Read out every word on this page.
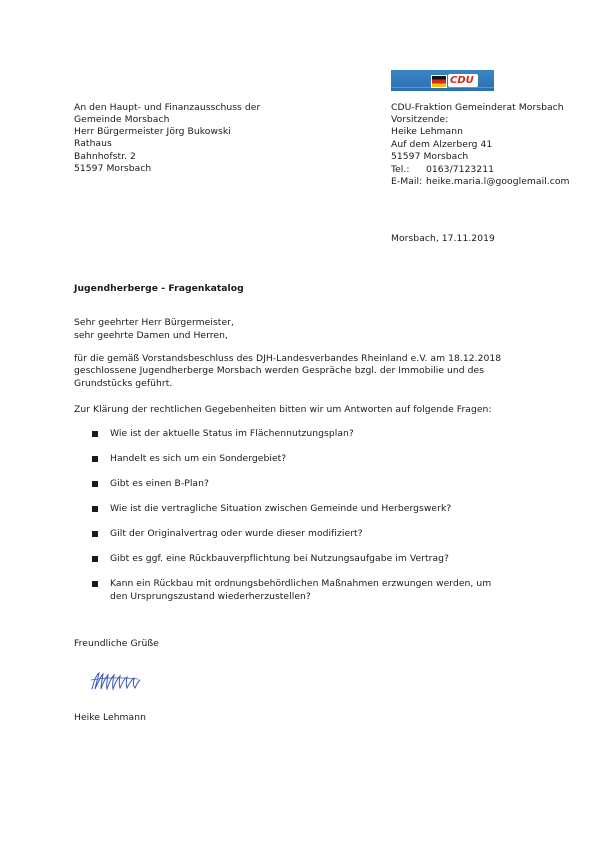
CDU
An den Haupt- und Finanzausschuss der
Gemeinde Morsbach
Herr Bürgermeister Jörg Bukowski
Rathaus
Bahnhofstr. 2
51597 Morsbach
CDU-Fraktion Gemeinderat Morsbach
Vorsitzende:
Heike Lehmann
Auf dem Alzerberg 41
51597 Morsbach
Tel.: 0163/7123211
E-Mail: heike.maria.l@googlemail.com
Morsbach, 17.11.2019
Jugendherberge - Fragenkatalog
Sehr geehrter Herr Bürgermeister,
sehr geehrte Damen und Herren,
für die gemäß Vorstandsbeschluss des DJH-Landesverbandes Rheinland e.V. am 18.12.2018
geschlossene Jugendherberge Morsbach werden Gespräche bzgl. der Immobilie und des
Grundstücks geführt.
Zur Klärung der rechtlichen Gegebenheiten bitten wir um Antworten auf folgende Fragen:
Wie ist der aktuelle Status im Flächennutzungsplan?
Handelt es sich um ein Sondergebiet?
Gibt es einen B-Plan?
Wie ist die vertragliche Situation zwischen Gemeinde und Herbergswerk?
Gilt der Originalvertrag oder wurde dieser modifiziert?
Gibt es ggf. eine Rückbauverpflichtung bei Nutzungsaufgabe im Vertrag?
Kann ein Rückbau mit ordnungsbehördlichen Maßnahmen erzwungen werden, um
den Ursprungszustand wiederherzustellen?
Freundliche Grüße
Heike Lehmann
